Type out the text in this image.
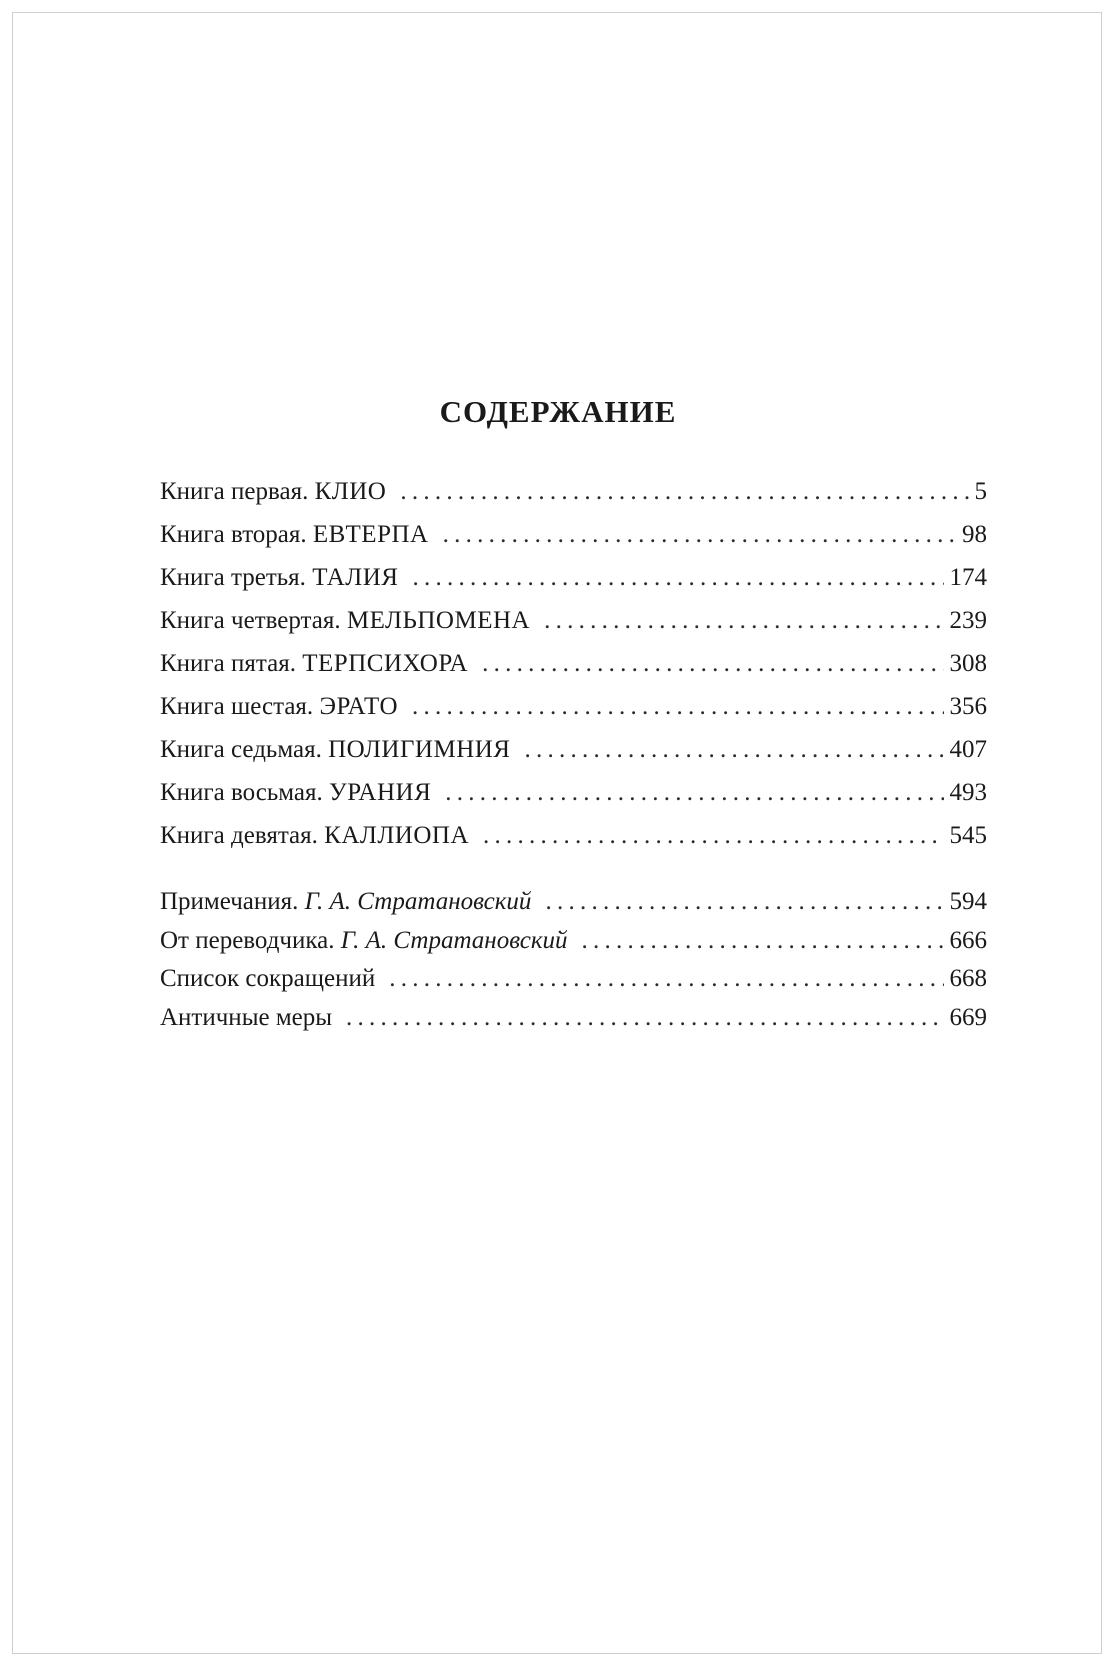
СОДЕРЖАНИЕ
Книга первая. КЛИО . . .	5
Книга вторая. ЕВТЕРПА . . .	98
Книга третья. ТАЛИЯ . . .	174
Книга четвертая. МЕЛЬПОМЕНА . . .	239
Книга пятая. ТЕРПСИХОРА . . .	308
Книга шестая. ЭРАТО . . .	356
Книга седьмая. ПОЛИГИМНИЯ . . .	407
Книга восьмая. УРАНИЯ . . .	493
Книга девятая. КАЛЛИОПА . . .	545
Примечания. Г. А. Стратановский . . .	594
От переводчика. Г. А. Стратановский . . .	666
Список сокращений . . .	668
Античные меры . . .	669
